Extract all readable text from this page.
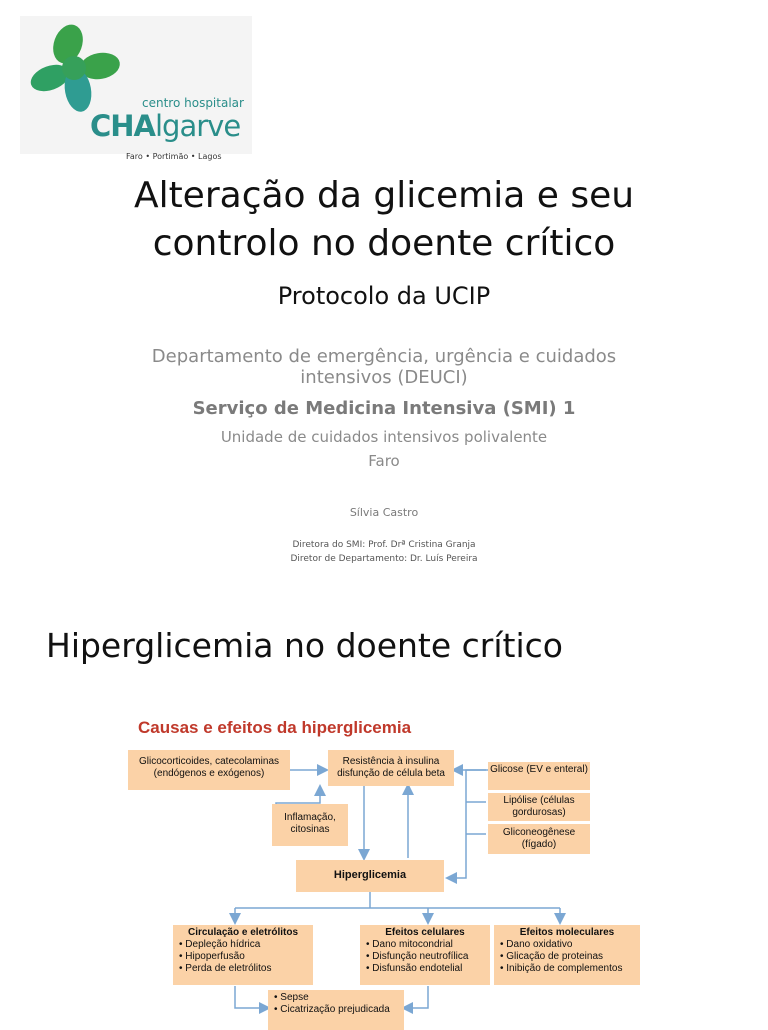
centro hospitalar
CHAlgarve
Faro • Portimão • Lagos
Alteração da glicemia e seu
controlo no doente crítico
Protocolo da UCIP
Departamento de emergência, urgência e cuidados intensivos (DEUCI)
Serviço de Medicina Intensiva (SMI) 1
Unidade de cuidados intensivos polivalente
Faro
Sílvia Castro
Diretora do SMI: Prof. Drª Cristina Granja
Diretor de Departamento: Dr. Luís Pereira
Hiperglicemia no doente crítico
Causas e efeitos da hiperglicemia
Glicocorticoides, catecolaminas (endógenos e exógenos)
Resistência à insulina disfunção de célula beta
Inflamação, citosinas
Glicose (EV e enteral)
Lipólise (células gordurosas)
Gliconeogênese (fígado)
Hiperglicemia
Circulação e eletrólitos
• Depleção hídrica
• Hipoperfusão
• Perda de eletrólitos
Efeitos celulares
• Dano mitocondrial
• Disfunção neutrofílica
• Disfunsão endotelial
Efeitos moleculares
• Dano oxidativo
• Glicação de proteinas
• Inibição de complementos
• Sepse
• Cicatrização prejudicada
